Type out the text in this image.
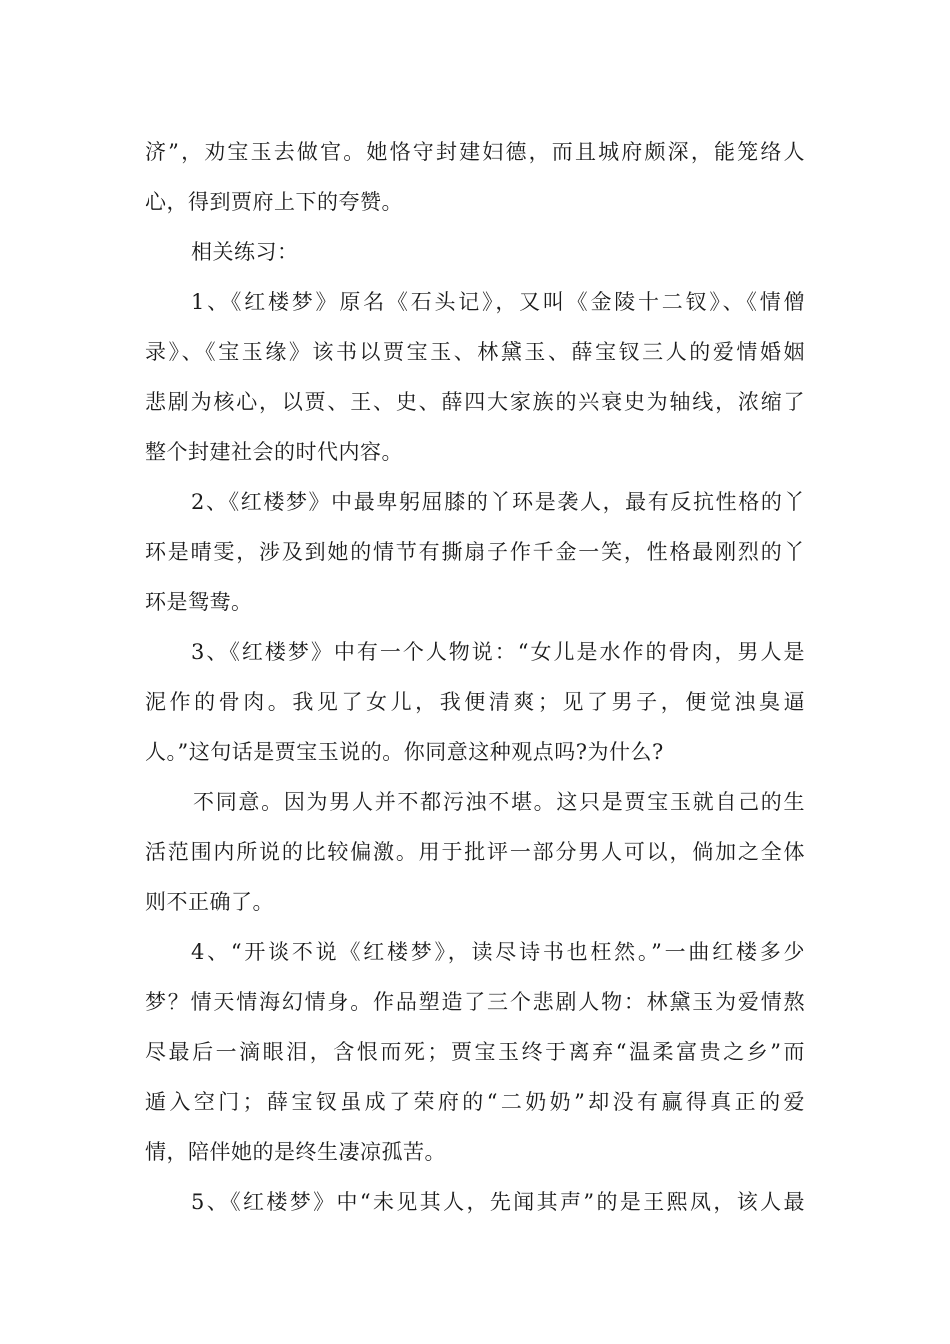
济”，劝宝玉去做官。她恪守封建妇德，而且城府颇深，能笼络人
心，得到贾府上下的夸赞。
相关练习：
1、《红楼梦》原名《石头记》，又叫《金陵十二钗》、《情僧
录》、《宝玉缘》该书以贾宝玉、林黛玉、薛宝钗三人的爱情婚姻
悲剧为核心，以贾、王、史、薛四大家族的兴衰史为轴线，浓缩了
整个封建社会的时代内容。
2、《红楼梦》中最卑躬屈膝的丫环是袭人，最有反抗性格的丫
环是晴雯，涉及到她的情节有撕扇子作千金一笑，性格最刚烈的丫
环是鸳鸯。
3、《红楼梦》中有一个人物说：“女儿是水作的骨肉，男人是
泥作的骨肉。我见了女儿，我便清爽；见了男子，便觉浊臭逼
人。”这句话是贾宝玉说的。你同意这种观点吗?为什么?
不同意。因为男人并不都污浊不堪。这只是贾宝玉就自己的生
活范围内所说的比较偏激。用于批评一部分男人可以，倘加之全体
则不正确了。
4、“开谈不说《红楼梦》，读尽诗书也枉然。”一曲红楼多少
梦？情天情海幻情身。作品塑造了三个悲剧人物：林黛玉为爱情熬
尽最后一滴眼泪，含恨而死；贾宝玉终于离弃“温柔富贵之乡”而
遁入空门；薛宝钗虽成了荣府的“二奶奶”却没有赢得真正的爱
情，陪伴她的是终生凄凉孤苦。
5、《红楼梦》中“未见其人，先闻其声”的是王熙凤，该人最
